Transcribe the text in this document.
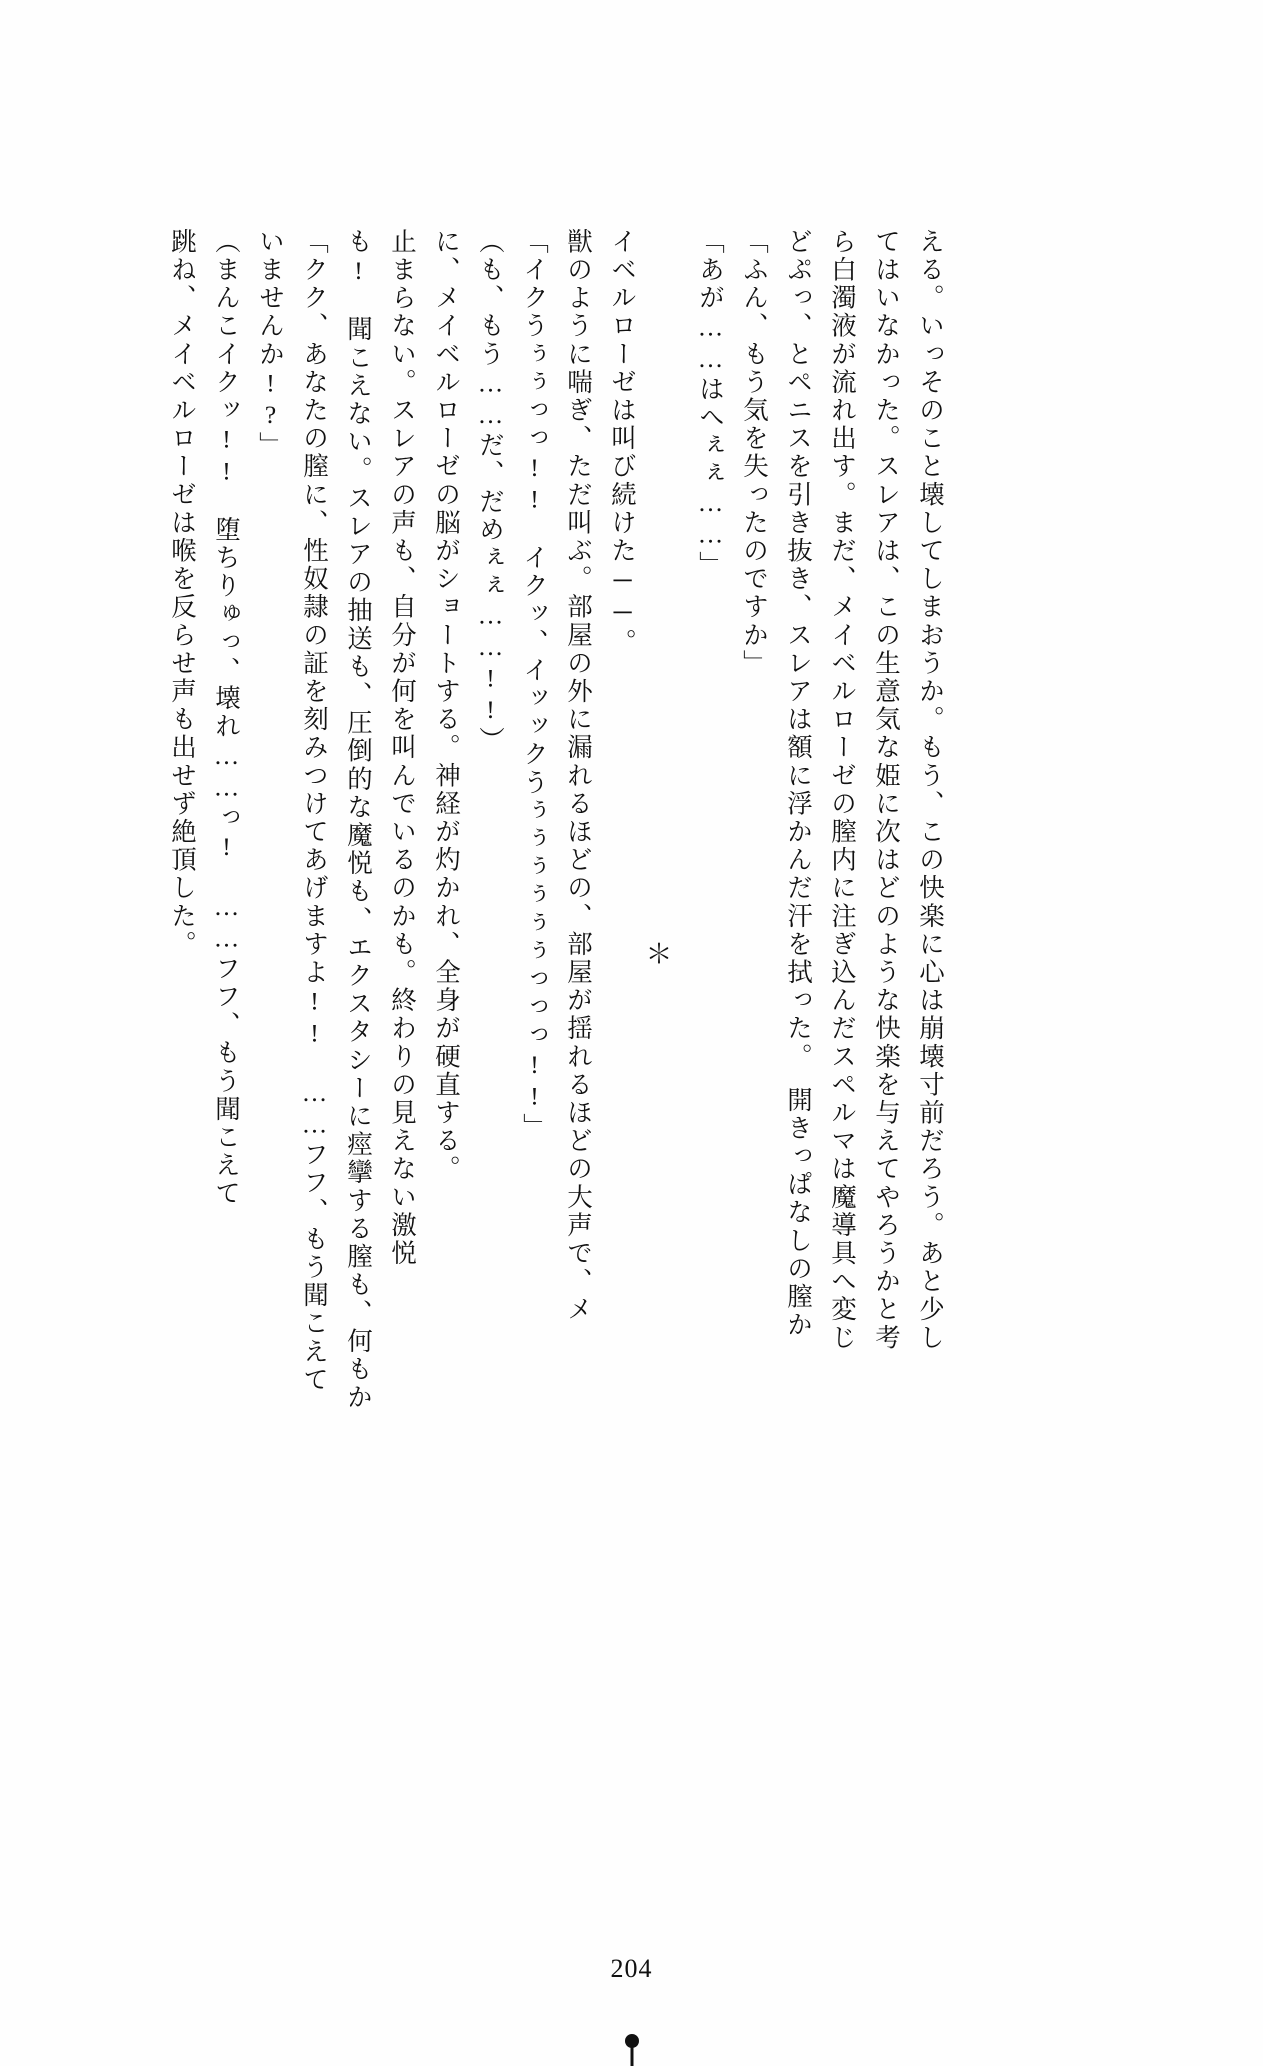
跳ね、メイベルローゼは喉を反らせ声も出せず絶頂した。 （まんこイクッ!!　堕ちりゅっ、壊れ……っ!　……フフ、もう聞こえて いませんか!?」 「クク、あなたの膣に、性奴隷の証を刻みつけてあげますよ!!　……フフ、もう聞こえて も!　聞こえない。スレアの抽送も、圧倒的な魔悦も、エクスタシーに痙攣する膣も、何もか 止まらない。スレアの声も、自分が何を叫んでいるのかも。終わりの見えない激悦 に、メイベルローゼの脳がショートする。神経が灼かれ、全身が硬直する。 （も、もう……だ、だめぇぇ……!!） 「イクうぅぅっっ!!　イクッ、イッックうぅぅぅぅぅぅっっっ!!」 獣のように喘ぎ、ただ叫ぶ。部屋の外に漏れるほどの、部屋が揺れるほどの大声で、メ イベルローゼは叫び続けた──。
＊
「あが……はへぇぇ……」 「ふん、もう気を失ったのですか」 どぷっ、とペニスを引き抜き、スレアは額に浮かんだ汗を拭った。　開きっぱなしの膣か ら白濁液が流れ出す。まだ、メイベルローゼの膣内に注ぎ込んだスペルマは魔導具へ変じ てはいなかった。スレアは、この生意気な姫に次はどのような快楽を与えてやろうかと考 える。いっそのこと壊してしまおうか。もう、この快楽に心は崩壊寸前だろう。あと少し
204
